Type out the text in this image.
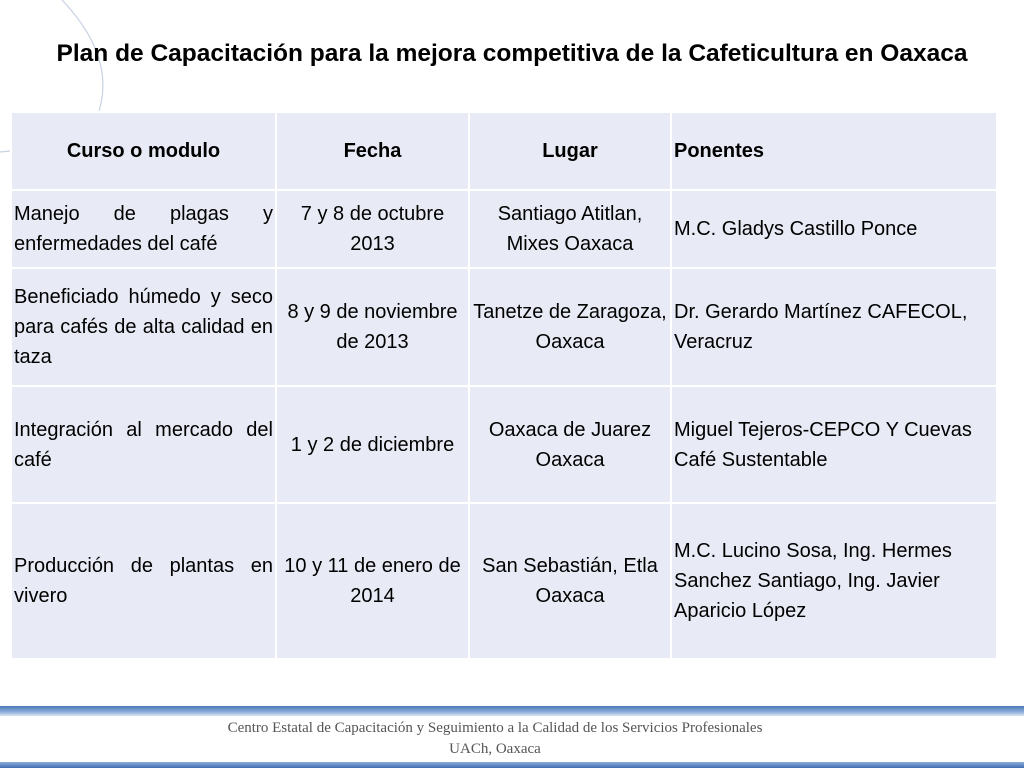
Plan de Capacitación para la mejora competitiva de la Cafeticultura en Oaxaca
Curso o modulo	Fecha	Lugar	Ponentes
Manejo de plagas y enfermedades del café	7 y 8 de octubre 2013	Santiago Atitlan, Mixes Oaxaca	M.C. Gladys Castillo Ponce
Beneficiado húmedo y seco para cafés de alta calidad en taza	8 y 9 de noviembre de 2013	Tanetze de Zaragoza, Oaxaca	Dr. Gerardo Martínez CAFECOL, Veracruz
Integración al mercado del café	1 y 2 de diciembre	Oaxaca de Juarez Oaxaca	Miguel Tejeros-CEPCO Y Cuevas Café Sustentable
Producción de plantas en vivero	10 y 11 de enero de 2014	San Sebastián, Etla Oaxaca	M.C. Lucino Sosa, Ing. Hermes Sanchez Santiago, Ing. Javier Aparicio López
Centro Estatal de Capacitación y Seguimiento a la Calidad de los Servicios Profesionales
UACh, Oaxaca
